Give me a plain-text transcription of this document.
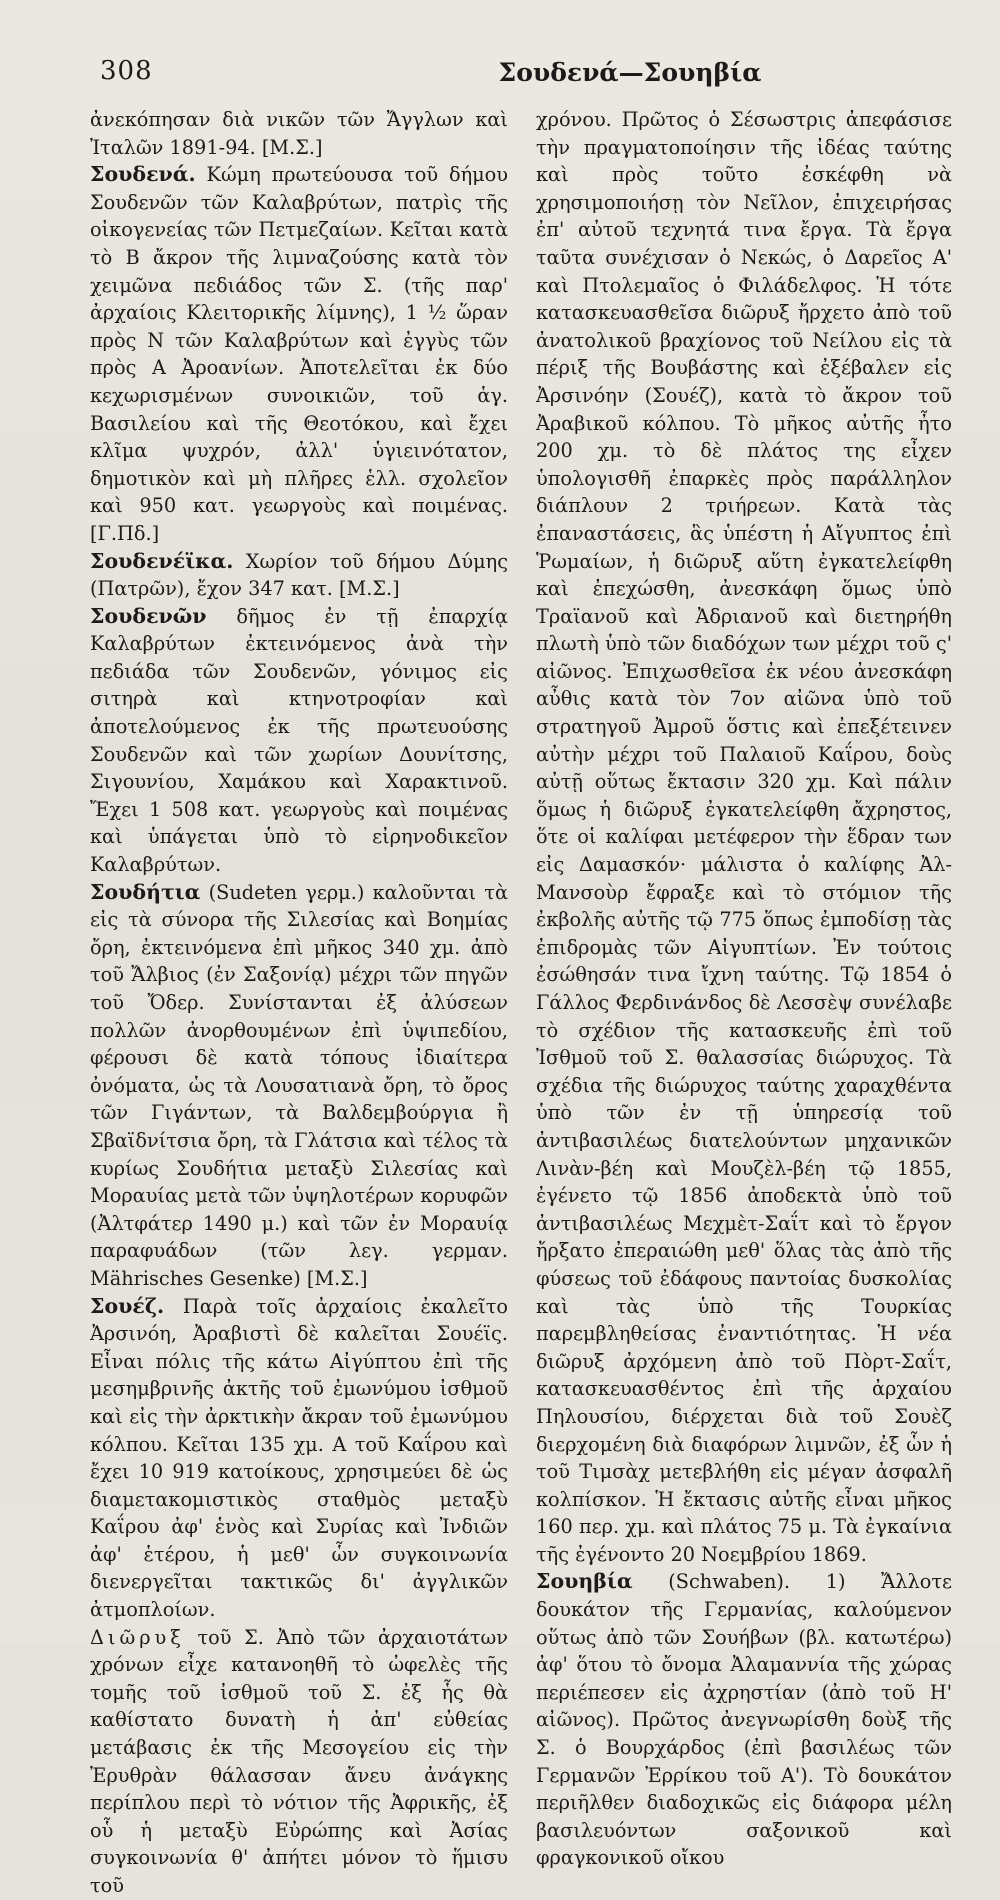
308	Σουδενά—Σουηβία

ἀνεκόπησαν διὰ νικῶν τῶν Ἄγγλων καὶ Ἰταλῶν 1891-94. [Μ.Σ.]

Σουδενά. Κώμη πρωτεύουσα τοῦ δήμου Σουδενῶν τῶν Καλαβρύτων, πατρὶς τῆς οἰκογενείας τῶν Πετμεζαίων. Κεῖται κατὰ τὸ Β ἄκρον τῆς λιμναζούσης κατὰ τὸν χειμῶνα πεδιάδος τῶν Σ. (τῆς παρ' ἀρχαίοις Κλειτορικῆς λίμνης), 1 ½ ὥραν πρὸς Ν τῶν Καλαβρύτων καὶ ἐγγὺς τῶν πρὸς Α Ἀροανίων. Ἀποτελεῖται ἐκ δύο κεχωρισμένων συνοικιῶν, τοῦ ἁγ. Βασιλείου καὶ τῆς Θεοτόκου, καὶ ἔχει κλῖμα ψυχρόν, ἀλλ' ὑγιεινότατον, δημοτικὸν καὶ μὴ πλῆρες ἑλλ. σχολεῖον καὶ 950 κατ. γεωργοὺς καὶ ποιμένας. [Γ.Πδ.]

Σουδενέϊκα. Χωρίον τοῦ δήμου Δύμης (Πατρῶν), ἔχον 347 κατ. [Μ.Σ.]

Σουδενῶν δῆμος ἐν τῇ ἐπαρχίᾳ Καλαβρύτων ἐκτεινόμενος ἀνὰ τὴν πεδιάδα τῶν Σουδενῶν, γόνιμος εἰς σιτηρὰ καὶ κτηνοτροφίαν καὶ ἀποτελούμενος ἐκ τῆς πρωτευούσης Σουδενῶν καὶ τῶν χωρίων Δουνίτσης, Σιγουνίου, Χαμάκου καὶ Χαρακτινοῦ. Ἔχει 1 508 κατ. γεωργοὺς καὶ ποιμένας καὶ ὑπάγεται ὑπὸ τὸ εἰρηνοδικεῖον Καλαβρύτων.

Σουδήτια (Sudeten γερμ.) καλοῦνται τὰ εἰς τὰ σύνορα τῆς Σιλεσίας καὶ Βοημίας ὄρη, ἐκτεινόμενα ἐπὶ μῆκος 340 χμ. ἀπὸ τοῦ Ἄλβιος (ἐν Σαξονίᾳ) μέχρι τῶν πηγῶν τοῦ Ὄδερ. Συνίστανται ἐξ ἀλύσεων πολλῶν ἀνορθουμένων ἐπὶ ὑψιπεδίου, φέρουσι δὲ κατὰ τόπους ἰδιαίτερα ὀνόματα, ὡς τὰ Λουσατιανὰ ὄρη, τὸ ὄρος τῶν Γιγάντων, τὰ Βαλδεμβούργια ἢ Σβαϊδνίτσια ὄρη, τὰ Γλάτσια καὶ τέλος τὰ κυρίως Σουδήτια μεταξὺ Σιλεσίας καὶ Μοραυίας μετὰ τῶν ὑψηλοτέρων κορυφῶν (Ἀλτφάτερ 1490 μ.) καὶ τῶν ἐν Μοραυίᾳ παραφυάδων (τῶν λεγ. γερμαν. Mährisches Gesenke) [Μ.Σ.]

Σουέζ. Παρὰ τοῖς ἀρχαίοις ἐκαλεῖτο Ἀρσινόη, Ἀραβιστὶ δὲ καλεῖται Σουέϊς. Εἶναι πόλις τῆς κάτω Αἰγύπτου ἐπὶ τῆς μεσημβρινῆς ἀκτῆς τοῦ ἐμωνύμου ἰσθμοῦ καὶ εἰς τὴν ἀρκτικὴν ἄκραν τοῦ ἐμωνύμου κόλπου. Κεῖται 135 χμ. Α τοῦ Καΐρου καὶ ἔχει 10 919 κατοίκους, χρησιμεύει δὲ ὡς διαμετακομιστικὸς σταθμὸς μεταξὺ Καΐρου ἀφ' ἑνὸς καὶ Συρίας καὶ Ἰνδιῶν ἀφ' ἑτέρου, ἡ μεθ' ὧν συγκοινωνία διενεργεῖται τακτικῶς δι' ἀγγλικῶν ἀτμοπλοίων.

Διῶρυξ τοῦ Σ. Ἀπὸ τῶν ἀρχαιοτάτων χρόνων εἶχε κατανοηθῆ τὸ ὠφελὲς τῆς τομῆς τοῦ ἰσθμοῦ τοῦ Σ. ἐξ ἧς θὰ καθίστατο δυνατὴ ἡ ἀπ' εὐθείας μετάβασις ἐκ τῆς Μεσογείου εἰς τὴν Ἐρυθρὰν θάλασσαν ἄνευ ἀνάγκης περίπλου περὶ τὸ νότιον τῆς Ἀφρικῆς, ἐξ οὗ ἡ μεταξὺ Εὐρώπης καὶ Ἀσίας συγκοινωνία θ' ἀπήτει μόνον τὸ ἥμισυ τοῦ

χρόνου. Πρῶτος ὁ Σέσωστρις ἀπεφάσισε τὴν πραγματοποίησιν τῆς ἰδέας ταύτης καὶ πρὸς τοῦτο ἐσκέφθη νὰ χρησιμοποιήσῃ τὸν Νεῖλον, ἐπιχειρήσας ἐπ' αὐτοῦ τεχνητά τινα ἔργα. Τὰ ἔργα ταῦτα συνέχισαν ὁ Νεκώς, ὁ Δαρεῖος Α' καὶ Πτολεμαῖος ὁ Φιλάδελφος. Ἡ τότε κατασκευασθεῖσα διῶρυξ ἤρχετο ἀπὸ τοῦ ἀνατολικοῦ βραχίονος τοῦ Νείλου εἰς τὰ πέριξ τῆς Βουβάστης καὶ ἐξέβαλεν εἰς Ἀρσινόην (Σουέζ), κατὰ τὸ ἄκρον τοῦ Ἀραβικοῦ κόλπου. Τὸ μῆκος αὐτῆς ἦτο 200 χμ. τὸ δὲ πλάτος της εἶχεν ὑπολογισθῆ ἐπαρκὲς πρὸς παράλληλον διάπλουν 2 τριήρεων. Κατὰ τὰς ἐπαναστάσεις, ἃς ὑπέστη ἡ Αἴγυπτος ἐπὶ Ῥωμαίων, ἡ διῶρυξ αὕτη ἐγκατελείφθη καὶ ἐπεχώσθη, ἀνεσκάφη ὅμως ὑπὸ Τραϊανοῦ καὶ Ἀδριανοῦ καὶ διετηρήθη πλωτὴ ὑπὸ τῶν διαδόχων των μέχρι τοῦ ς' αἰῶνος. Ἐπιχωσθεῖσα ἐκ νέου ἀνεσκάφη αὖθις κατὰ τὸν 7ον αἰῶνα ὑπὸ τοῦ στρατηγοῦ Ἀμροῦ ὅστις καὶ ἐπεξέτεινεν αὐτὴν μέχρι τοῦ Παλαιοῦ Καΐρου, δοὺς αὐτῇ οὕτως ἔκτασιν 320 χμ. Καὶ πάλιν ὅμως ἡ διῶρυξ ἐγκατελείφθη ἄχρηστος, ὅτε οἱ καλίφαι μετέφερον τὴν ἕδραν των εἰς Δαμασκόν· μάλιστα ὁ καλίφης Ἀλ-Μανσοὺρ ἔφραξε καὶ τὸ στόμιον τῆς ἐκβολῆς αὐτῆς τῷ 775 ὅπως ἐμποδίσῃ τὰς ἐπιδρομὰς τῶν Αἰγυπτίων. Ἐν τούτοις ἐσώθησάν τινα ἴχνη ταύτης. Τῷ 1854 ὁ Γάλλος Φερδινάνδος δὲ Λεσσὲψ συνέλαβε τὸ σχέδιον τῆς κατασκευῆς ἐπὶ τοῦ Ἰσθμοῦ τοῦ Σ. θαλασσίας διώρυχος. Τὰ σχέδια τῆς διώρυχος ταύτης χαραχθέντα ὑπὸ τῶν ἐν τῇ ὑπηρεσίᾳ τοῦ ἀντιβασιλέως διατελούντων μηχανικῶν Λινὰν-βέη καὶ Μουζὲλ-βέη τῷ 1855, ἐγένετο τῷ 1856 ἀποδεκτὰ ὑπὸ τοῦ ἀντιβασιλέως Μεχμὲτ-Σαΐτ καὶ τὸ ἔργον ἤρξατο ἐπεραιώθη μεθ' ὅλας τὰς ἀπὸ τῆς φύσεως τοῦ ἐδάφους παντοίας δυσκολίας καὶ τὰς ὑπὸ τῆς Τουρκίας παρεμβληθείσας ἐναντιότητας. Ἡ νέα διῶρυξ ἀρχόμενη ἀπὸ τοῦ Πὸρτ-Σαΐτ, κατασκευασθέντος ἐπὶ τῆς ἀρχαίου Πηλουσίου, διέρχεται διὰ τοῦ Σουὲζ διερχομένη διὰ διαφόρων λιμνῶν, ἐξ ὧν ἡ τοῦ Τιμσὰχ μετεβλήθη εἰς μέγαν ἀσφαλῆ κολπίσκον. Ἡ ἔκτασις αὐτῆς εἶναι μῆκος 160 περ. χμ. καὶ πλάτος 75 μ. Τὰ ἐγκαίνια τῆς ἐγένοντο 20 Νοεμβρίου 1869.

Σουηβία (Schwaben). 1) Ἄλλοτε δουκάτον τῆς Γερμανίας, καλούμενον οὕτως ἀπὸ τῶν Σουήβων (βλ. κατωτέρω) ἀφ' ὅτου τὸ ὄνομα Ἀλαμαννία τῆς χώρας περιέπεσεν εἰς ἀχρηστίαν (ἀπὸ τοῦ Η' αἰῶνος). Πρῶτος ἀνεγνωρίσθη δοὺξ τῆς Σ. ὁ Βουρχάρδος (ἐπὶ βασιλέως τῶν Γερμανῶν Ἐρρίκου τοῦ Α'). Τὸ δουκάτον περιῆλθεν διαδοχικῶς εἰς διάφορα μέλη βασιλευόντων σαξονικοῦ καὶ φραγκονικοῦ οἴκου
